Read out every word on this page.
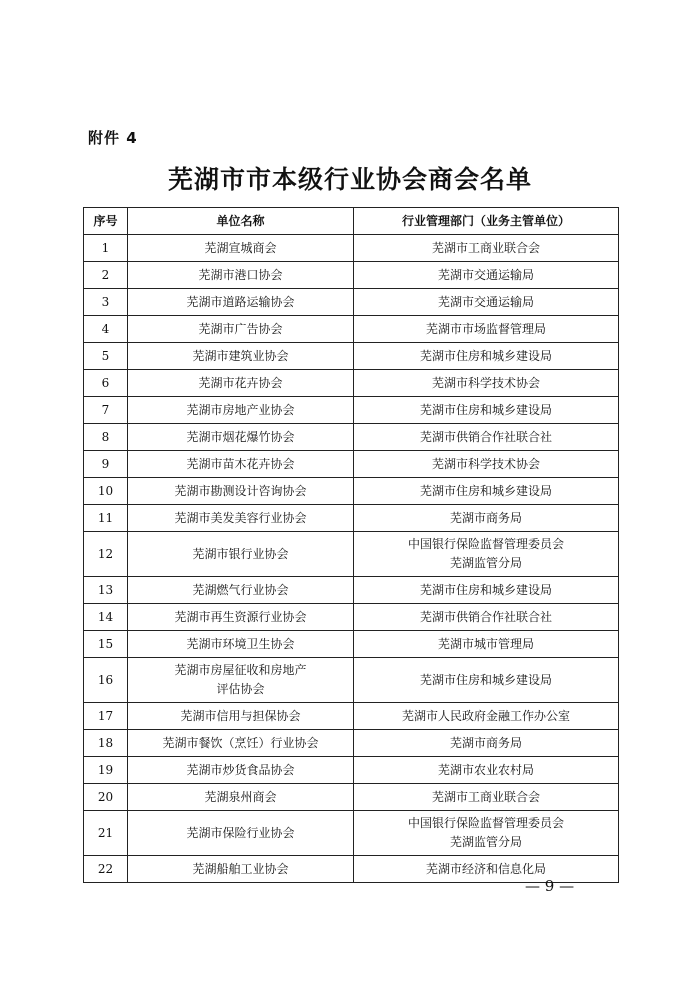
附件 4
芜湖市市本级行业协会商会名单
序号	单位名称	行业管理部门（业务主管单位）
1	芜湖宣城商会	芜湖市工商业联合会

2	芜湖市港口协会	芜湖市交通运输局

3	芜湖市道路运输协会	芜湖市交通运输局

4	芜湖市广告协会	芜湖市市场监督管理局

5	芜湖市建筑业协会	芜湖市住房和城乡建设局

6	芜湖市花卉协会	芜湖市科学技术协会

7	芜湖市房地产业协会	芜湖市住房和城乡建设局

8	芜湖市烟花爆竹协会	芜湖市供销合作社联合社

9	芜湖市苗木花卉协会	芜湖市科学技术协会

10	芜湖市勘测设计咨询协会	芜湖市住房和城乡建设局

11	芜湖市美发美容行业协会	芜湖市商务局

12	芜湖市银行业协会	中国银行保险监督管理委员会
芜湖监管分局

13	芜湖燃气行业协会	芜湖市住房和城乡建设局

14	芜湖市再生资源行业协会	芜湖市供销合作社联合社

15	芜湖市环境卫生协会	芜湖市城市管理局

16	芜湖市房屋征收和房地产
评估协会	芜湖市住房和城乡建设局

17	芜湖市信用与担保协会	芜湖市人民政府金融工作办公室

18	芜湖市餐饮（烹饪）行业协会	芜湖市商务局

19	芜湖市炒货食品协会	芜湖市农业农村局

20	芜湖泉州商会	芜湖市工商业联合会

21	芜湖市保险行业协会	中国银行保险监督管理委员会
芜湖监管分局

22	芜湖船舶工业协会	芜湖市经济和信息化局
— 9 —
